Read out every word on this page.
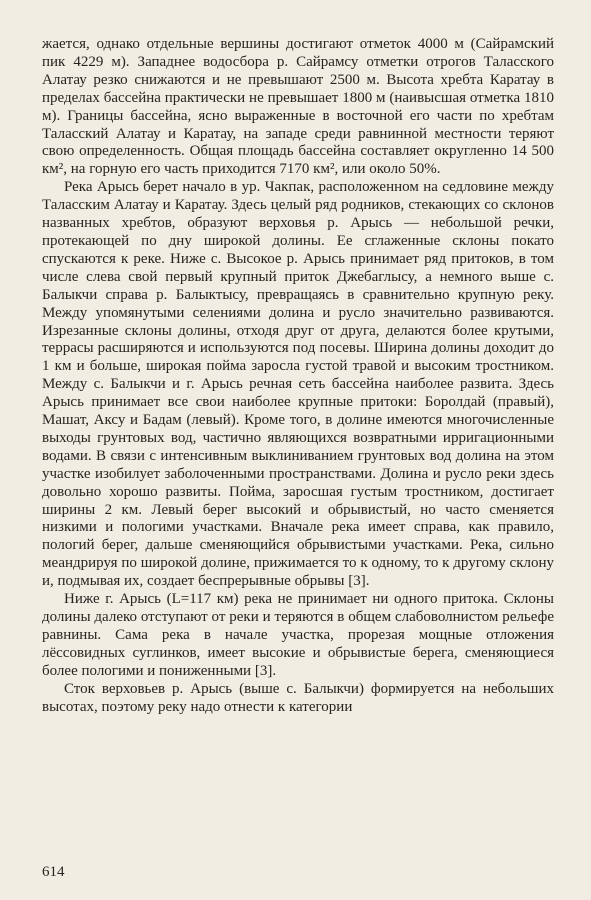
жается, однако отдельные вершины достигают отметок 4000 м (Сайрамский пик 4229 м). Западнее водосбора р. Сайрамсу отметки отрогов Таласского Алатау резко снижаются и не превышают 2500 м. Высота хребта Каратау в пределах бассейна практически не превышает 1800 м (наивысшая отметка 1810 м). Границы бассейна, ясно выраженные в восточной его части по хребтам Таласский Алатау и Каратау, на западе среди равнинной местности теряют свою определенность. Общая площадь бассейна составляет округленно 14 500 км², на горную его часть приходится 7170 км², или около 50%.

Река Арысь берет начало в ур. Чакпак, расположенном на седловине между Таласским Алатау и Каратау. Здесь целый ряд родников, стекающих со склонов названных хребтов, образуют верховья р. Арысь — небольшой речки, протекающей по дну широкой долины. Ее сглаженные склоны покато спускаются к реке. Ниже с. Высокое р. Арысь принимает ряд притоков, в том числе слева свой первый крупный приток Джебаглысу, а немного выше с. Балыкчи справа р. Балыктысу, превращаясь в сравнительно крупную реку. Между упомянутыми селениями долина и русло значительно развиваются. Изрезанные склоны долины, отходя друг от друга, делаются более крутыми, террасы расширяются и используются под посевы. Ширина долины доходит до 1 км и больше, широкая пойма заросла густой травой и высоким тростником. Между с. Балыкчи и г. Арысь речная сеть бассейна наиболее развита. Здесь Арысь принимает все свои наиболее крупные притоки: Боролдай (правый), Машат, Аксу и Бадам (левый). Кроме того, в долине имеются многочисленные выходы грунтовых вод, частично являющихся возвратными ирригационными водами. В связи с интенсивным выклиниванием грунтовых вод долина на этом участке изобилует заболоченными пространствами. Долина и русло реки здесь довольно хорошо развиты. Пойма, заросшая густым тростником, достигает ширины 2 км. Левый берег высокий и обрывистый, но часто сменяется низкими и пологими участками. Вначале река имеет справа, как правило, пологий берег, дальше сменяющийся обрывистыми участками. Река, сильно меандрируя по широкой долине, прижимается то к одному, то к другому склону и, подмывая их, создает беспрерывные обрывы [3].

Ниже г. Арысь (L=117 км) река не принимает ни одного притока. Склоны долины далеко отступают от реки и теряются в общем слабоволнистом рельефе равнины. Сама река в начале участка, прорезая мощные отложения лёссовидных суглинков, имеет высокие и обрывистые берега, сменяющиеся более пологими и пониженными [3].

Сток верховьев р. Арысь (выше с. Балыкчи) формируется на небольших высотах, поэтому реку надо отнести к категории

614
